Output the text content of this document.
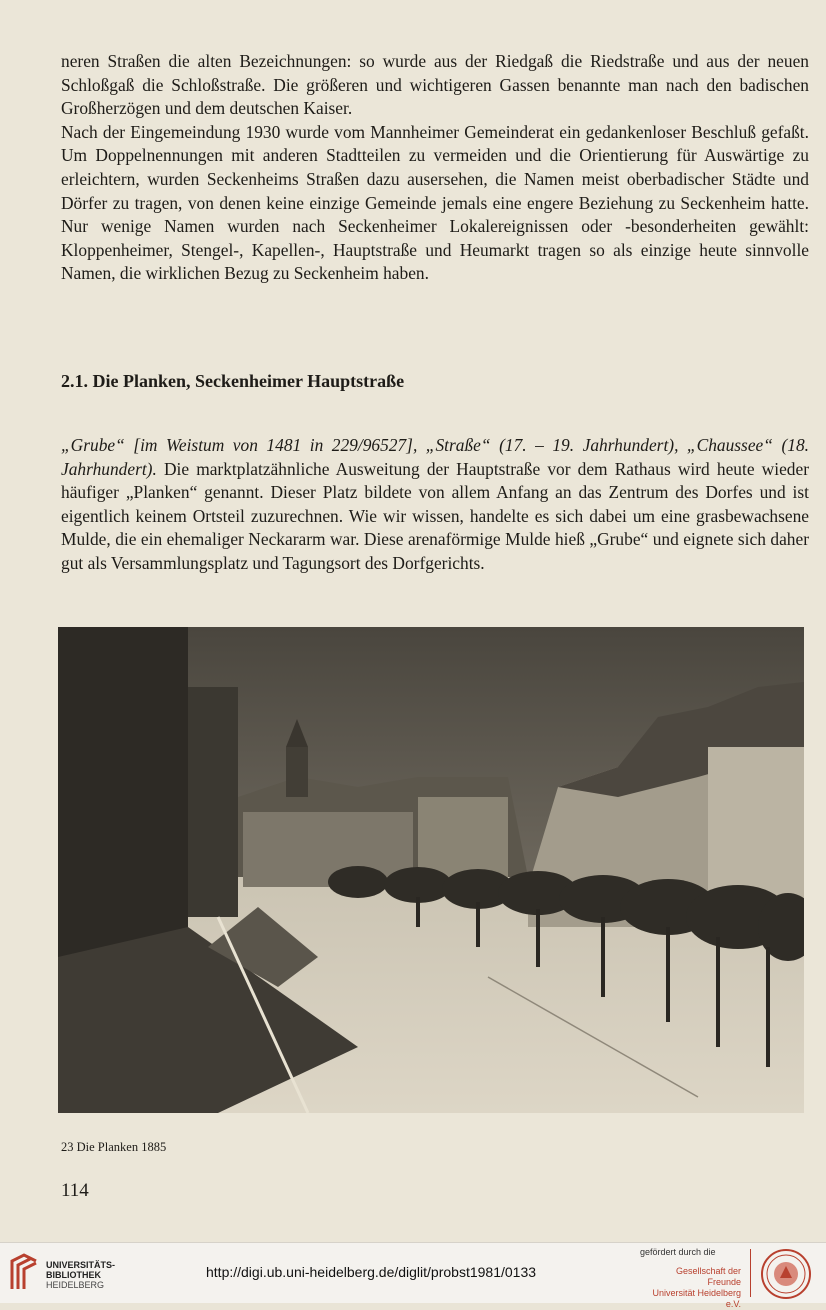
neren Straßen die alten Bezeichnungen: so wurde aus der Riedgaß die Riedstraße und aus der neuen Schloßgaß die Schloßstraße. Die größeren und wichtigeren Gassen benannte man nach den badischen Großherzögen und dem deutschen Kaiser.

Nach der Eingemeindung 1930 wurde vom Mannheimer Gemeinderat ein gedankenloser Beschluß gefaßt. Um Doppelnennungen mit anderen Stadtteilen zu vermeiden und die Orientierung für Auswärtige zu erleichtern, wurden Seckenheims Straßen dazu ausersehen, die Namen meist oberbadischer Städte und Dörfer zu tragen, von denen keine einzige Gemeinde jemals eine engere Beziehung zu Seckenheim hatte. Nur wenige Namen wurden nach Seckenheimer Lokalereignissen oder -besonderheiten gewählt: Kloppenheimer, Stengel-, Kapellen-, Hauptstraße und Heumarkt tragen so als einzige heute sinnvolle Namen, die wirklichen Bezug zu Seckenheim haben.

2.1. Die Planken, Seckenheimer Hauptstraße
„Grube“ [im Weistum von 1481 in 229/96527], „Straße“ (17. – 19. Jahrhundert), „Chaussee“ (18. Jahrhundert). Die marktplatzähnliche Ausweitung der Hauptstraße vor dem Rathaus wird heute wieder häufiger „Planken“ genannt. Dieser Platz bildete von allem Anfang an das Zentrum des Dorfes und ist eigentlich keinem Ortsteil zuzurechnen. Wie wir wissen, handelte es sich dabei um eine grasbewachsene Mulde, die ein ehemaliger Neckararm war. Diese arenaförmige Mulde hieß „Grube“ und eignete sich daher gut als Versammlungsplatz und Tagungsort des Dorfgerichts.
23 Die Planken 1885
114
UNIVERSITÄTS-
BIBLIOTHEK
HEIDELBERG
http://digi.ub.uni-heidelberg.de/diglit/probst1981/0133
gefördert durch die
Gesellschaft der Freunde
Universität Heidelberg e.V.
